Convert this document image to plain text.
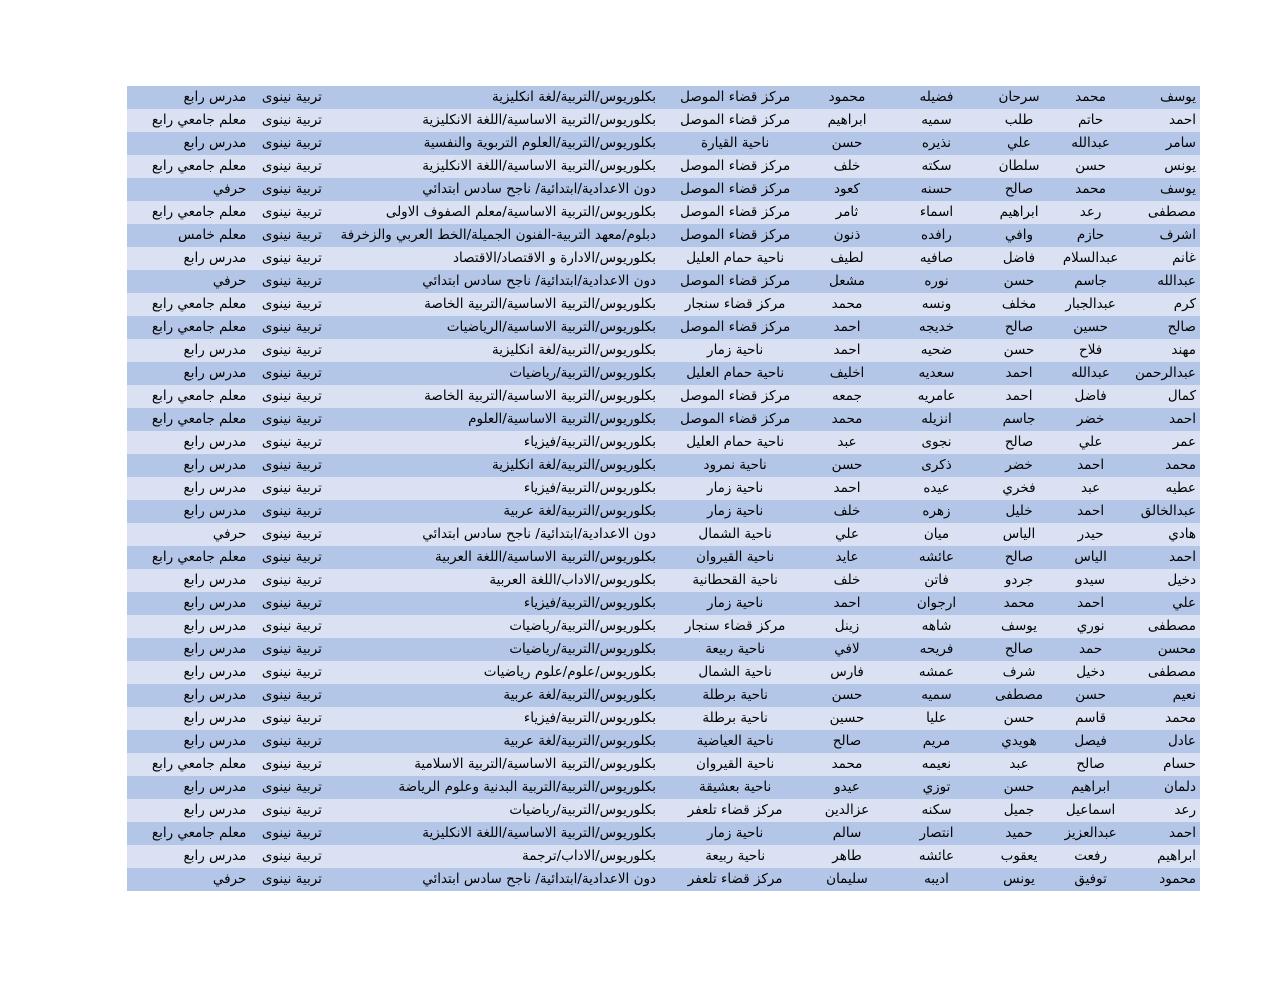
يوسف
محمد
سرحان
فضيله
محمود
مركز قضاء الموصل
بكلوريوس/التربية/لغة انكليزية
تربية نينوى
مدرس رابع
احمد
حاتم
طلب
سميه
ابراهيم
مركز قضاء الموصل
بكلوريوس/التربية الاساسية/اللغة الانكليزية
تربية نينوى
معلم جامعي رابع
سامر
عبدالله
علي
نذيره
حسن
ناحية القيارة
بكلوريوس/التربية/العلوم التربوية والنفسية
تربية نينوى
مدرس رابع
يونس
حسن
سلطان
سكته
خلف
مركز قضاء الموصل
بكلوريوس/التربية الاساسية/اللغة الانكليزية
تربية نينوى
معلم جامعي رابع
يوسف
محمد
صالح
حسنه
كعود
مركز قضاء الموصل
دون الاعدادية/ابتدائية/ ناجح سادس ابتدائي
تربية نينوى
حرفي
مصطفى
رعد
ابراهيم
اسماء
ثامر
مركز قضاء الموصل
بكلوريوس/التربية الاساسية/معلم الصفوف الاولى
تربية نينوى
معلم جامعي رابع
اشرف
حازم
وافي
رافده
ذنون
مركز قضاء الموصل
دبلوم/معهد التربية-الفنون الجميلة/الخط العربي والزخرفة
تربية نينوى
معلم خامس
غانم
عبدالسلام
فاضل
صافيه
لطيف
ناحية حمام العليل
بكلوريوس/الادارة و الاقتصاد/الاقتصاد
تربية نينوى
مدرس رابع
عبدالله
جاسم
حسن
نوره
مشعل
مركز قضاء الموصل
دون الاعدادية/ابتدائية/ ناجح سادس ابتدائي
تربية نينوى
حرفي
كرم
عبدالجبار
مخلف
ونسه
محمد
مركز قضاء سنجار
بكلوريوس/التربية الاساسية/التربية الخاصة
تربية نينوى
معلم جامعي رابع
صالح
حسين
صالح
خديجه
احمد
مركز قضاء الموصل
بكلوريوس/التربية الاساسية/الرياضيات
تربية نينوى
معلم جامعي رابع
مهند
فلاح
حسن
ضحيه
احمد
ناحية زمار
بكلوريوس/التربية/لغة انكليزية
تربية نينوى
مدرس رابع
عبدالرحمن
عبدالله
احمد
سعديه
اخليف
ناحية حمام العليل
بكلوريوس/التربية/رياضيات
تربية نينوى
مدرس رابع
كمال
فاضل
احمد
عامريه
جمعه
مركز قضاء الموصل
بكلوريوس/التربية الاساسية/التربية الخاصة
تربية نينوى
معلم جامعي رابع
احمد
خضر
جاسم
انزيله
محمد
مركز قضاء الموصل
بكلوريوس/التربية الاساسية/العلوم
تربية نينوى
معلم جامعي رابع
عمر
علي
صالح
نجوى
عبد
ناحية حمام العليل
بكلوريوس/التربية/فيزياء
تربية نينوى
مدرس رابع
محمد
احمد
خضر
ذكرى
حسن
ناحية نمرود
بكلوريوس/التربية/لغة انكليزية
تربية نينوى
مدرس رابع
عطيه
عبد
فخري
عيده
احمد
ناحية زمار
بكلوريوس/التربية/فيزياء
تربية نينوى
مدرس رابع
عبدالخالق
احمد
خليل
زهره
خلف
ناحية زمار
بكلوريوس/التربية/لغة عربية
تربية نينوى
مدرس رابع
هادي
حيدر
الياس
ميان
علي
ناحية الشمال
دون الاعدادية/ابتدائية/ ناجح سادس ابتدائي
تربية نينوى
حرفي
احمد
الياس
صالح
عائشه
عايد
ناحية القيروان
بكلوريوس/التربية الاساسية/اللغة العربية
تربية نينوى
معلم جامعي رابع
دخيل
سيدو
جردو
فاتن
خلف
ناحية القحطانية
بكلوريوس/الاداب/اللغة العربية
تربية نينوى
مدرس رابع
علي
احمد
محمد
ارجوان
احمد
ناحية زمار
بكلوريوس/التربية/فيزياء
تربية نينوى
مدرس رابع
مصطفى
نوري
يوسف
شاهه
زينل
مركز قضاء سنجار
بكلوريوس/التربية/رياضيات
تربية نينوى
مدرس رابع
محسن
حمد
صالح
فريحه
لافي
ناحية ربيعة
بكلوريوس/التربية/رياضيات
تربية نينوى
مدرس رابع
مصطفى
دخيل
شرف
عمشه
فارس
ناحية الشمال
بكلوريوس/علوم/علوم رياضيات
تربية نينوى
مدرس رابع
نعيم
حسن
مصطفى
سميه
حسن
ناحية برطلة
بكلوريوس/التربية/لغة عربية
تربية نينوى
مدرس رابع
محمد
قاسم
حسن
عليا
حسين
ناحية برطلة
بكلوريوس/التربية/فيزياء
تربية نينوى
مدرس رابع
عادل
فيصل
هويدي
مريم
صالح
ناحية العياضية
بكلوريوس/التربية/لغة عربية
تربية نينوى
مدرس رابع
حسام
صالح
عبد
نعيمه
محمد
ناحية القيروان
بكلوريوس/التربية الاساسية/التربية الاسلامية
تربية نينوى
معلم جامعي رابع
دلمان
ابراهيم
حسن
توزي
عيدو
ناحية بعشيقة
بكلوريوس/التربية/التربية البدنية وعلوم الرياضة
تربية نينوى
مدرس رابع
رعد
اسماعيل
جميل
سكنه
عزالدين
مركز قضاء تلعفر
بكلوريوس/التربية/رياضيات
تربية نينوى
مدرس رابع
احمد
عبدالعزيز
حميد
انتصار
سالم
ناحية زمار
بكلوريوس/التربية الاساسية/اللغة الانكليزية
تربية نينوى
معلم جامعي رابع
ابراهيم
رفعت
يعقوب
عائشه
طاهر
ناحية ربيعة
بكلوريوس/الاداب/ترجمة
تربية نينوى
مدرس رابع
محمود
توفيق
يونس
اديبه
سليمان
مركز قضاء تلعفر
دون الاعدادية/ابتدائية/ ناجح سادس ابتدائي
تربية نينوى
حرفي
